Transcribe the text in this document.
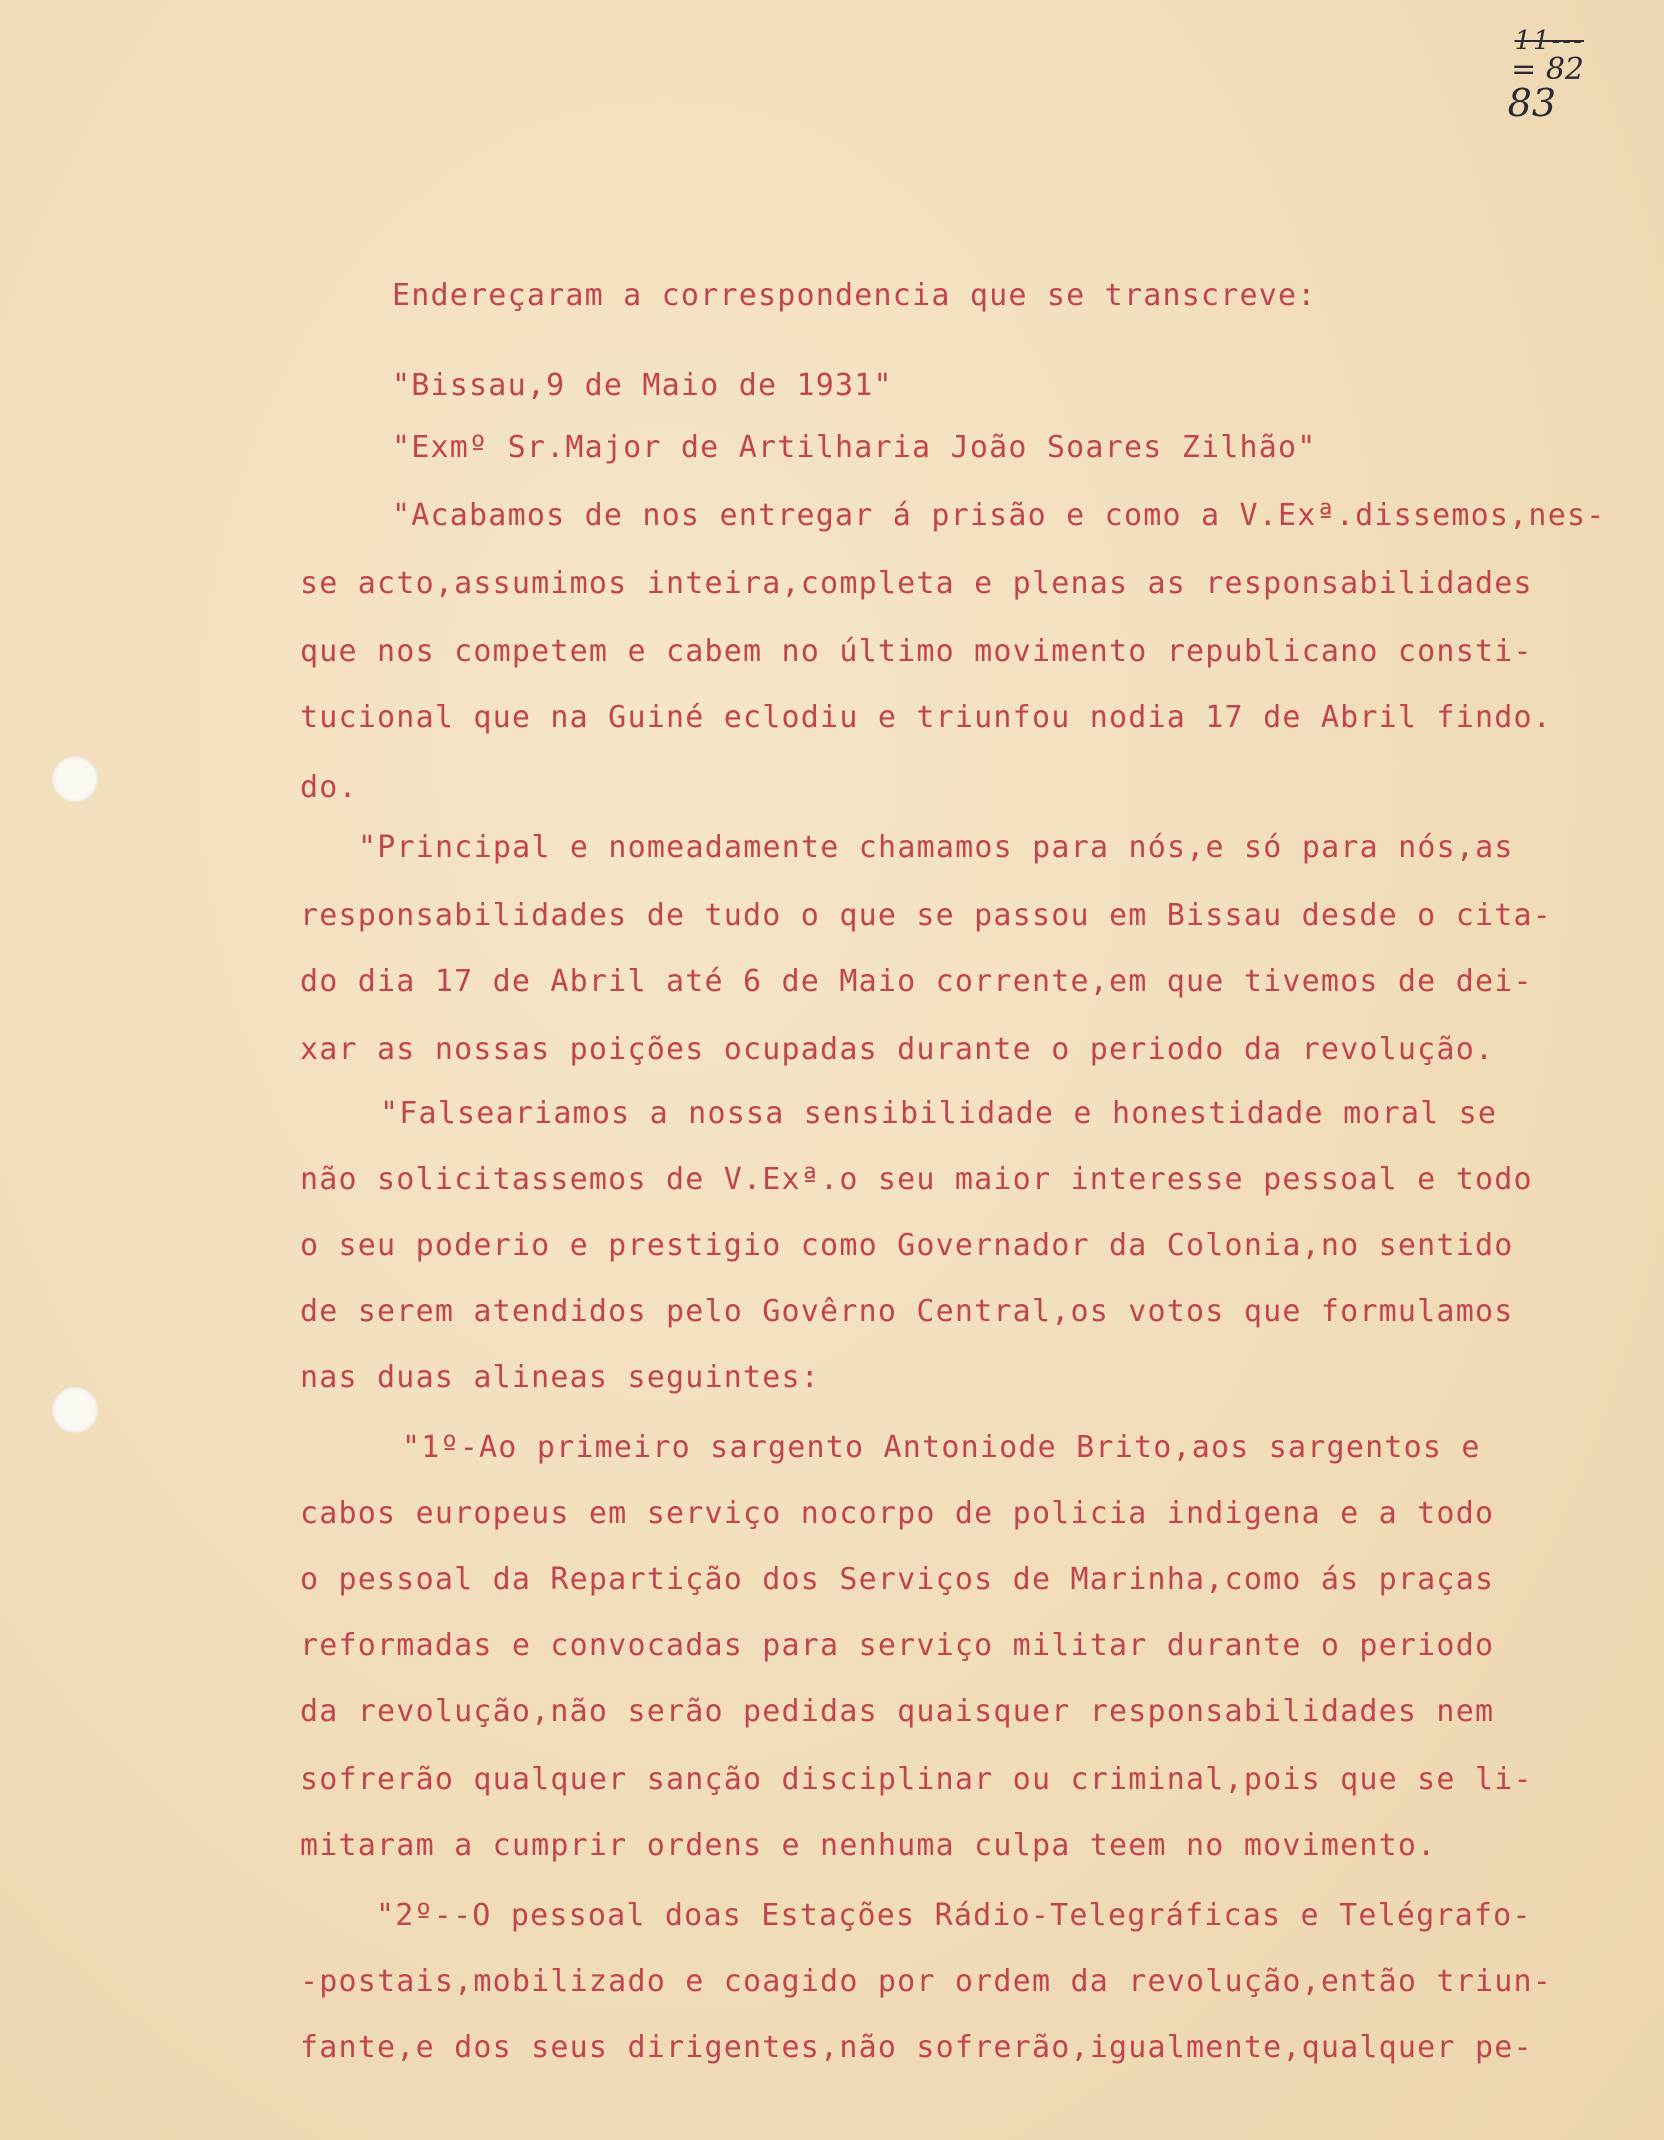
11---
= 82
83
Endereçaram a correspondencia que se transcreve:
"Bissau,9 de Maio de 1931"
"Exmº Sr.Major de Artilharia João Soares Zilhão"
"Acabamos de nos entregar á prisão e como a V.Exª.dissemos,nes-
se acto,assumimos inteira,completa e plenas as responsabilidades
que nos competem e cabem no último movimento republicano consti-
tucional que na Guiné eclodiu e triunfou nodia 17 de Abril findo.
do.
"Principal e nomeadamente chamamos para nós,e só para nós,as
responsabilidades de tudo o que se passou em Bissau desde o cita-
do dia 17 de Abril até 6 de Maio corrente,em que tivemos de dei-
xar as nossas poições ocupadas durante o periodo da revolução.
"Falseariamos a nossa sensibilidade e honestidade moral se
não solicitassemos de V.Exª.o seu maior interesse pessoal e todo
o seu poderio e prestigio como Governador da Colonia,no sentido
de serem atendidos pelo Govêrno Central,os votos que formulamos
nas duas alineas seguintes:
"1º-Ao primeiro sargento Antoniode Brito,aos sargentos e
cabos europeus em serviço nocorpo de policia indigena e a todo
o pessoal da Repartição dos Serviços de Marinha,como ás praças
reformadas e convocadas para serviço militar durante o periodo
da revolução,não serão pedidas quaisquer responsabilidades nem
sofrerão qualquer sanção disciplinar ou criminal,pois que se li-
mitaram a cumprir ordens e nenhuma culpa teem no movimento.
"2º--O pessoal doas Estações Rádio-Telegráficas e Telégrafo-
-postais,mobilizado e coagido por ordem da revolução,então triun-
fante,e dos seus dirigentes,não sofrerão,igualmente,qualquer pe-
